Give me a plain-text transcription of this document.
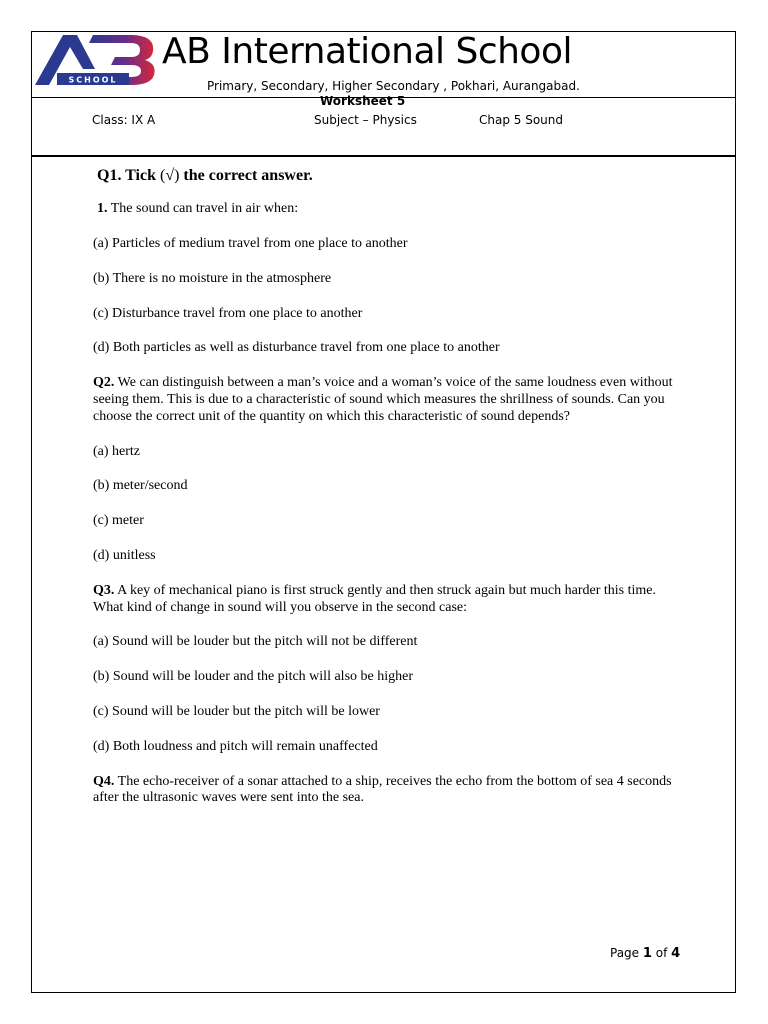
SCHOOL
AB International School
Primary, Secondary, Higher Secondary , Pokhari, Aurangabad.
Worksheet 5
Class: IX A	Subject – Physics	Chap 5 Sound

Q1. Tick (√) the correct answer.

1. The sound can travel in air when:

(a) Particles of medium travel from one place to another

(b) There is no moisture in the atmosphere

(c) Disturbance travel from one place to another

(d) Both particles as well as disturbance travel from one place to another

Q2. We can distinguish between a man’s voice and a woman’s voice of the same loudness even without seeing them. This is due to a characteristic of sound which measures the shrillness of sounds. Can you choose the correct unit of the quantity on which this characteristic of sound depends?

(a) hertz

(b) meter/second

(c) meter

(d) unitless

Q3. A key of mechanical piano is first struck gently and then struck again but much harder this time. What kind of change in sound will you observe in the second case:

(a) Sound will be louder but the pitch will not be different

(b) Sound will be louder and the pitch will also be higher

(c) Sound will be louder but the pitch will be lower

(d) Both loudness and pitch will remain unaffected

Q4. The echo-receiver of a sonar attached to a ship, receives the echo from the bottom of sea 4 seconds after the ultrasonic waves were sent into the sea.

Page 1 of 4
